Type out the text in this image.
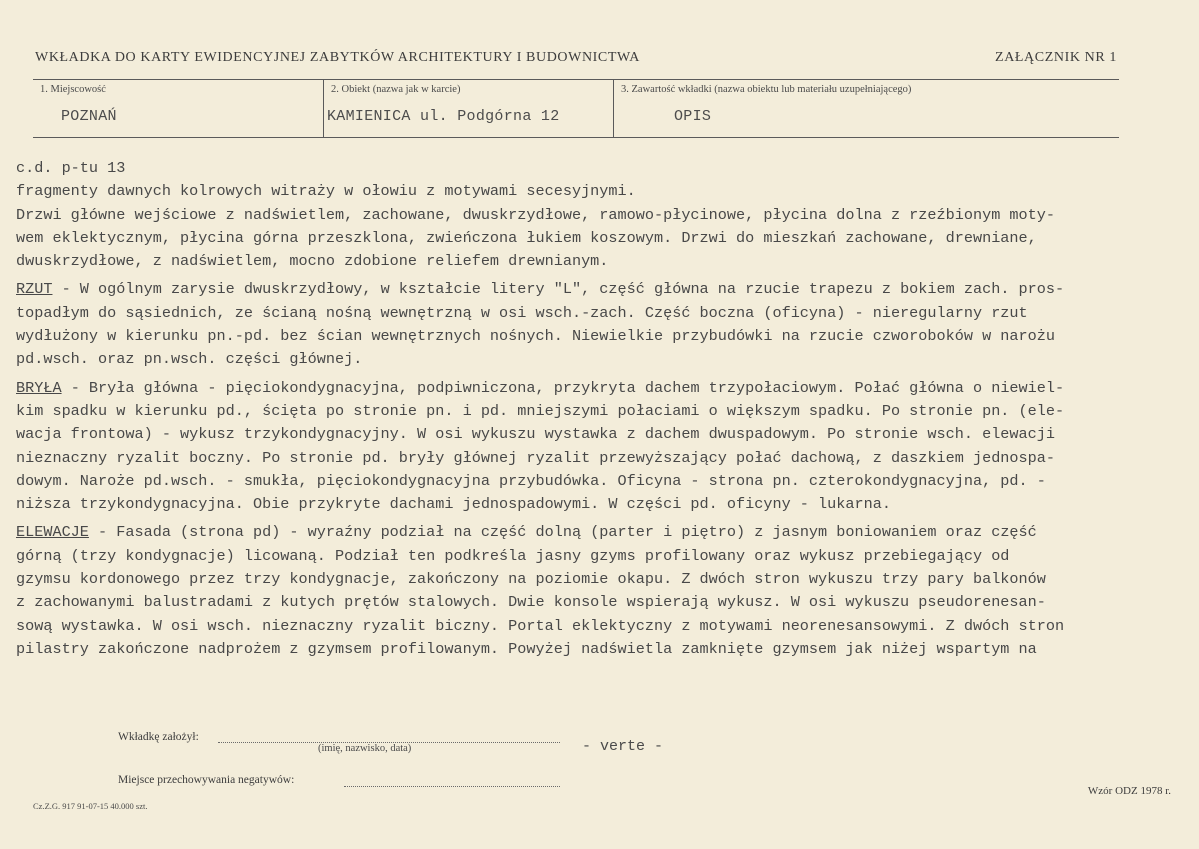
WKŁADKA DO KARTY EWIDENCYJNEJ ZABYTKÓW ARCHITEKTURY I BUDOWNICTWA	ZAŁĄCZNIK NR 1
1. Miejscowość
POZNAŃ
2. Obiekt (nazwa jak w karcie)
KAMIENICA ul. Podgórna 12
3. Zawartość wkładki (nazwa obiektu lub materiału uzupełniającego)
OPIS
c.d. p-tu 13
fragmenty dawnych kolrowych witraży w ołowiu z motywami secesyjnymi.
Drzwi główne wejściowe z nadświetlem, zachowane, dwuskrzydłowe, ramowo-płycinowe, płycina dolna z rzeźbionym moty-
wem eklektycznym, płycina górna przeszklona, zwieńczona łukiem koszowym. Drzwi do mieszkań zachowane, drewniane,
dwuskrzydłowe, z nadświetlem, mocno zdobione reliefem drewnianym.
RZUT - W ogólnym zarysie dwuskrzydłowy, w kształcie litery "L", część główna na rzucie trapezu z bokiem zach. pros-
topadłym do sąsiednich, ze ścianą nośną wewnętrzną w osi wsch.-zach. Część boczna (oficyna) - nieregularny rzut
wydłużony w kierunku pn.-pd. bez ścian wewnętrznych nośnych. Niewielkie przybudówki na rzucie czworoboków w narożu
pd.wsch. oraz pn.wsch. części głównej.
BRYŁA - Bryła główna - pięciokondygnacyjna, podpiwniczona, przykryta dachem trzypołaciowym. Połać główna o niewiel-
kim spadku w kierunku pd., ścięta po stronie pn. i pd. mniejszymi połaciami o większym spadku. Po stronie pn. (ele-
wacja frontowa) - wykusz trzykondygnacyjny. W osi wykuszu wystawka z dachem dwuspadowym. Po stronie wsch. elewacji
nieznaczny ryzalit boczny. Po stronie pd. bryły głównej ryzalit przewyższający połać dachową, z daszkiem jednospa-
dowym. Naroże pd.wsch. - smukła, pięciokondygnacyjna przybudówka. Oficyna - strona pn. czterokondygnacyjna, pd. -
niższa trzykondygnacyjna. Obie przykryte dachami jednospadowymi. W części pd. oficyny - lukarna.
ELEWACJE - Fasada (strona pd) - wyraźny podział na część dolną (parter i piętro) z jasnym boniowaniem oraz część
górną (trzy kondygnacje) licowaną. Podział ten podkreśla jasny gzyms profilowany oraz wykusz przebiegający od
gzymsu kordonowego przez trzy kondygnacje, zakończony na poziomie okapu. Z dwóch stron wykuszu trzy pary balkonów
z zachowanymi balustradami z kutych prętów stalowych. Dwie konsole wspierają wykusz. W osi wykuszu pseudorenesan-
sową wystawka. W osi wsch. nieznaczny ryzalit biczny. Portal eklektyczny z motywami neorenesansowymi. Z dwóch stron
pilastry zakończone nadprożem z gzymsem profilowanym. Powyżej nadświetla zamknięte gzymsem jak niżej wspartym na
Wkładkę założył:
(imię, nazwisko, data)	- verte -
Miejsce przechowywania negatywów:
Cz.Z.G. 917 91-07-15 40.000 szt.
Wzór ODZ 1978 r.
